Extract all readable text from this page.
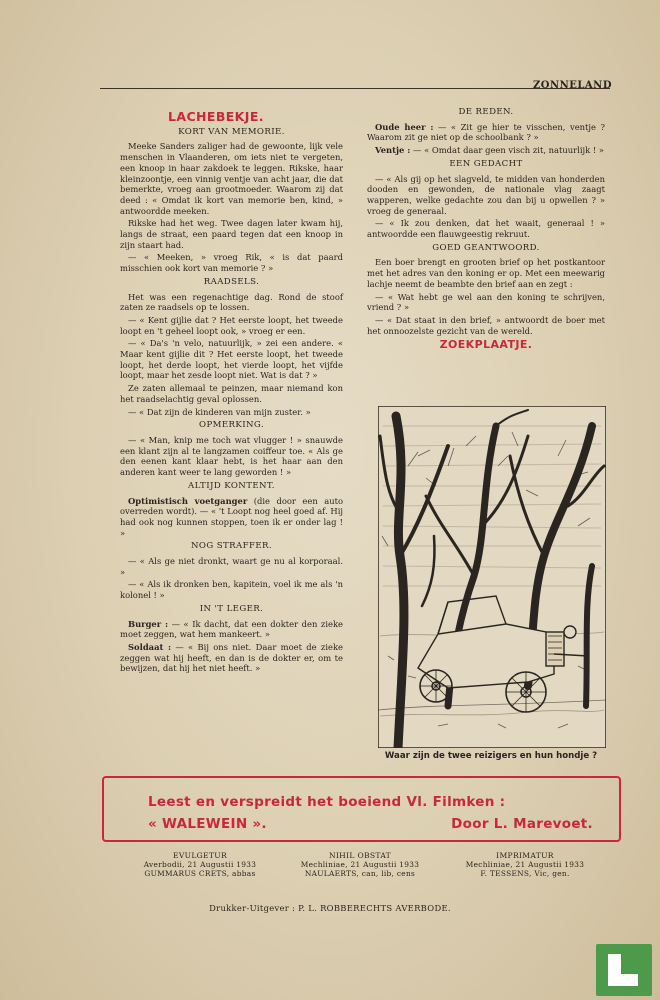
ZONNELAND
LACHEBEKJE.
KORT VAN MEMORIE.

Meeke Sanders zaliger had de gewoonte, lijk vele menschen in Vlaanderen, om iets niet te vergeten, een knoop in haar zakdoek te leggen. Rikske, haar kleinzoontje, een vinnig ventje van acht jaar, die dat bemerkte, vroeg aan grootmoeder. Waarom zij dat deed : « Omdat ik kort van memorie ben, kind, » antwoordde meeken.

Rikske had het weg. Twee dagen later kwam hij, langs de straat, een paard tegen dat een knoop in zijn staart had.

— « Meeken, » vroeg Rik, « is dat paard misschien ook kort van memorie ? »

RAADSELS.

Het was een regenachtige dag. Rond de stoof zaten ze raadsels op te lossen.

— « Kent gijlie dat ? Het eerste loopt, het tweede loopt en 't geheel loopt ook, » vroeg er een.

— « Da's 'n velo, natuurlijk, » zei een andere. « Maar kent gijlie dit ? Het eerste loopt, het tweede loopt, het derde loopt, het vierde loopt, het vijfde loopt, maar het zesde loopt niet. Wat is dat ? »

Ze zaten allemaal te peinzen, maar niemand kon het raadselachtig geval oplossen.

— « Dat zijn de kinderen van mijn zuster. »

OPMERKING.

— « Man, knip me toch wat vlugger ! » snauwde een klant zijn al te langzamen coiffeur toe. « Als ge den eenen kant klaar hebt, is het haar aan den anderen kant weer te lang geworden ! »

ALTIJD KONTENT.

Optimistisch voetganger (die door een auto overreden wordt). — « 't Loopt nog heel goed af. Hij had ook nog kunnen stoppen, toen ik er onder lag ! »

NOG STRAFFER.

— « Als ge niet dronkt, waart ge nu al korporaal. »

— « Als ik dronken ben, kapitein, voel ik me als 'n kolonel ! »

IN 'T LEGER.

Burger : — « Ik dacht, dat een dokter den zieke moet zeggen, wat hem mankeert. »

Soldaat : — « Bij ons niet. Daar moet de zieke zeggen wat hij heeft, en dan is de dokter er, om te bewijzen, dat hij het niet heeft. »

DE REDEN.

Oude heer : — « Zit ge hier te visschen, ventje ? Waarom zit ge niet op de schoolbank ? »

Ventje : — « Omdat daar geen visch zit, natuurlijk ! »

EEN GEDACHT

— « Als gij op het slagveld, te midden van honderden dooden en gewonden, de nationale vlag zaagt wapperen, welke gedachte zou dan bij u opwellen ? » vroeg de generaal.

— « Ik zou denken, dat het waait, generaal ! » antwoordde een flauwgeestig rekruut.

GOED GEANTWOORD.

Een boer brengt en grooten brief op het postkantoor met het adres van den koning er op. Met een meewarig lachje neemt de beambte den brief aan en zegt :

— « Wat hebt ge wel aan den koning te schrijven, vriend ? »

— « Dat staat in den brief, » antwoordt de boer met het onnoozelste gezicht van de wereld.

ZOEKPLAATJE.
Waar zijn de twee reizigers en hun hondje ?
Leest en verspreidt het boeiend Vl. Filmken :
« WALEWEIN ».	Door L. Marevoet.
EVULGETUR
Averbodii, 21 Augustii 1933
GUMMARUS CRETS, abbas
NIHIL OBSTAT
Mechliniae, 21 Augustii 1933
NAULAERTS, can, lib, cens
IMPRIMATUR
Mechliniae, 21 Augustii 1933
F. TESSENS, Vic, gen.
Drukker-Uitgever : P. L. ROBBERECHTS AVERBODE.
